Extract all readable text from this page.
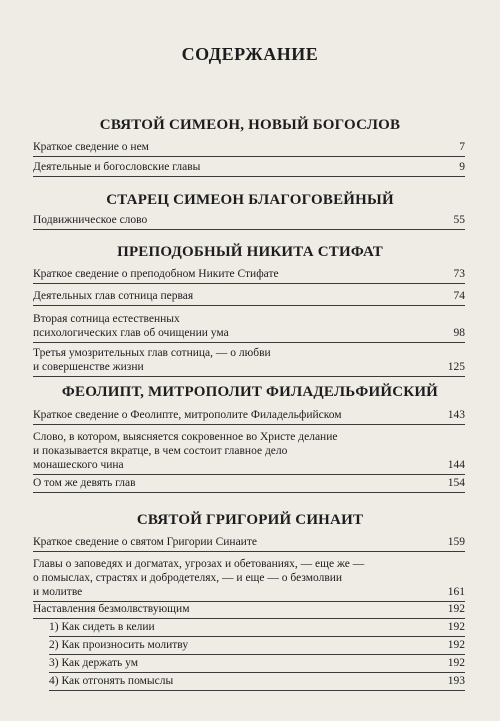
СОДЕРЖАНИЕ
СВЯТОЙ СИМЕОН, НОВЫЙ БОГОСЛОВ
Краткое сведение о нем	7
Деятельные и богословские главы	9
СТАРЕЦ СИМЕОН БЛАГОГОВЕЙНЫЙ
Подвижническое слово	55
ПРЕПОДОБНЫЙ НИКИТА СТИФАТ
Краткое сведение о преподобном Никите Стифате	73
Деятельных глав сотница первая	74
Вторая сотница естественных
психологических глав об очищении ума	98
Третья умозрительных глав сотница, — о любви
и совершенстве жизни	125
ФЕОЛИПТ, МИТРОПОЛИТ ФИЛАДЕЛЬФИЙСКИЙ
Краткое сведение о Феолипте, митрополите Филадельфийском	143
Слово, в котором, выясняется сокровенное во Христе делание
и показывается вкратце, в чем состоит главное дело
монашеского чина	144
О том же девять глав	154
СВЯТОЙ ГРИГОРИЙ СИНАИТ
Краткое сведение о святом Григории Синаите	159
Главы о заповедях и догматах, угрозах и обетованиях, — еще же —
о помыслах, страстях и добродетелях, — и еще — о безмолвии
и молитве	161
Наставления безмолвствующим	192
1) Как сидеть в келии	192
2) Как произносить молитву	192
3) Как держать ум	192
4) Как отгонять помыслы	193
